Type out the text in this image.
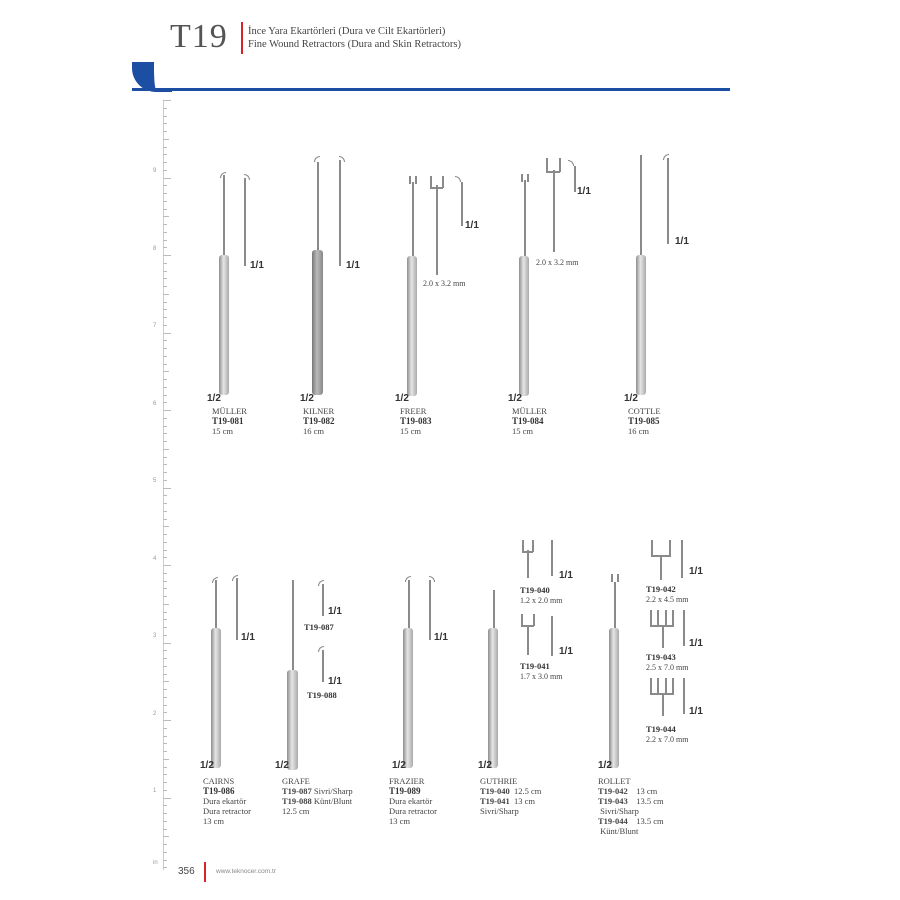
T19 İnce Yara Ekartörleri (Dura ve Cilt Ekartörleri)
Fine Wound Retractors (Dura and Skin Retractors)
9
8
7
6
5
4
3
2
1
in
1/2
1/1
MÜLLER
T19-081
15 cm
1/2
1/1
KILNER
T19-082
16 cm
2.0 x 3.2 mm
1/2
1/1
FREER
T19-083
15 cm
2.0 x 3.2 mm
1/2
1/1
MÜLLER
T19-084
15 cm
1/2
1/1
COTTLE
T19-085
16 cm
1/2
1/1
CAIRNS
T19-086
Dura ekartör
Dura retractor
13 cm
T19-087
T19-088
1/2
1/1
1/1
GRAFE
T19-087 Sivri/Sharp
T19-088 Künt/Blunt
12.5 cm
1/2
1/1
FRAZIER
T19-089
Dura ekartör
Dura retractor
13 cm
1/1
1/1
T19-040
1.2 x 2.0 mm
T19-041
1.7 x 3.0 mm
1/2
GUTHRIE
T19-040 12.5 cm
T19-041 13 cm
Sivri/Sharp
1/1
1/1
1/1
T19-042
2.2 x 4.5 mm
T19-043
2.5 x 7.0 mm
T19-044
2.2 x 7.0 mm
1/2
ROLLET
T19-042 13 cm
T19-043 13.5 cm
Sivri/Sharp
T19-044 13.5 cm
Künt/Blunt
356	www.teknocer.com.tr
